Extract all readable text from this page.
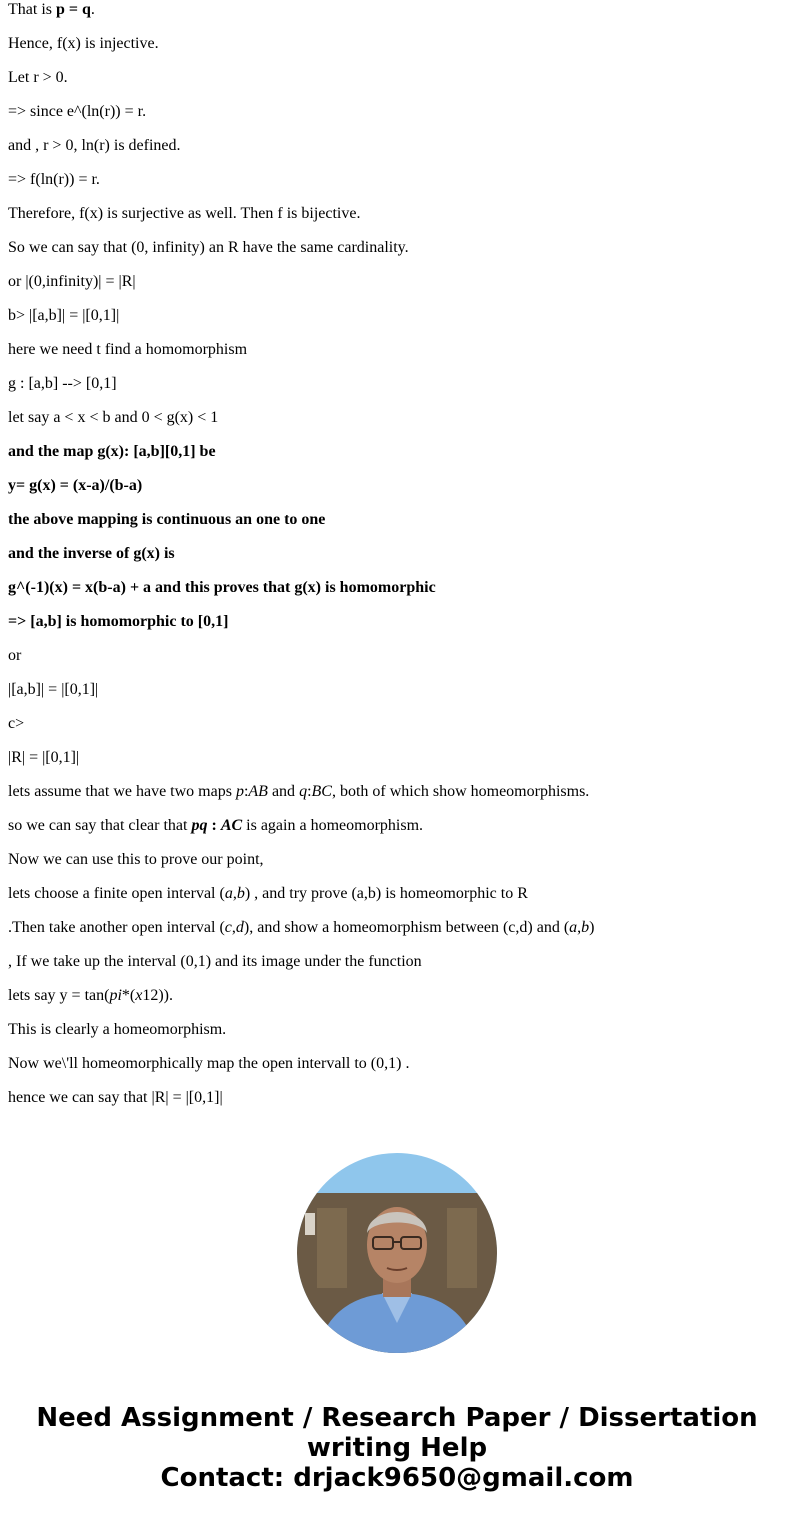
That is p = q.

Hence, f(x) is injective.

Let r > 0.

=> since e^(ln(r)) = r.

and , r > 0, ln(r) is defined.

=> f(ln(r)) = r.

Therefore, f(x) is surjective as well. Then f is bijective.

So we can say that (0, infinity) an R have the same cardinality.

or |(0,infinity)| = |R|

b> |[a,b]| = |[0,1]|

here we need t find a homomorphism

g : [a,b] --> [0,1]

let say a < x < b and 0 < g(x) < 1

and the map g(x): [a,b][0,1] be

y= g(x) = (x-a)/(b-a)

the above mapping is continuous an one to one

and the inverse of g(x) is

g^(-1)(x) = x(b-a) + a and this proves that g(x) is homomorphic

=> [a,b] is homomorphic to [0,1]

or

|[a,b]| = |[0,1]|

c>

|R| = |[0,1]|

lets assume that we have two maps p:AB and q:BC, both of which show homeomorphisms.

so we can say that clear that pq : AC is again a homeomorphism.

Now we can use this to prove our point,

lets choose a finite open interval (a,b) , and try prove (a,b) is homeomorphic to R

.Then take another open interval (c,d), and show a homeomorphism between (c,d) and (a,b)

, If we take up the interval (0,1) and its image under the function

lets say y = tan(pi*(x12)).

This is clearly a homeomorphism.

Now we\'ll homeomorphically map the open intervall to (0,1) .

hence we can say that |R| = |[0,1]|

Need Assignment / Research Paper / Dissertation
writing Help
Contact: drjack9650@gmail.com
